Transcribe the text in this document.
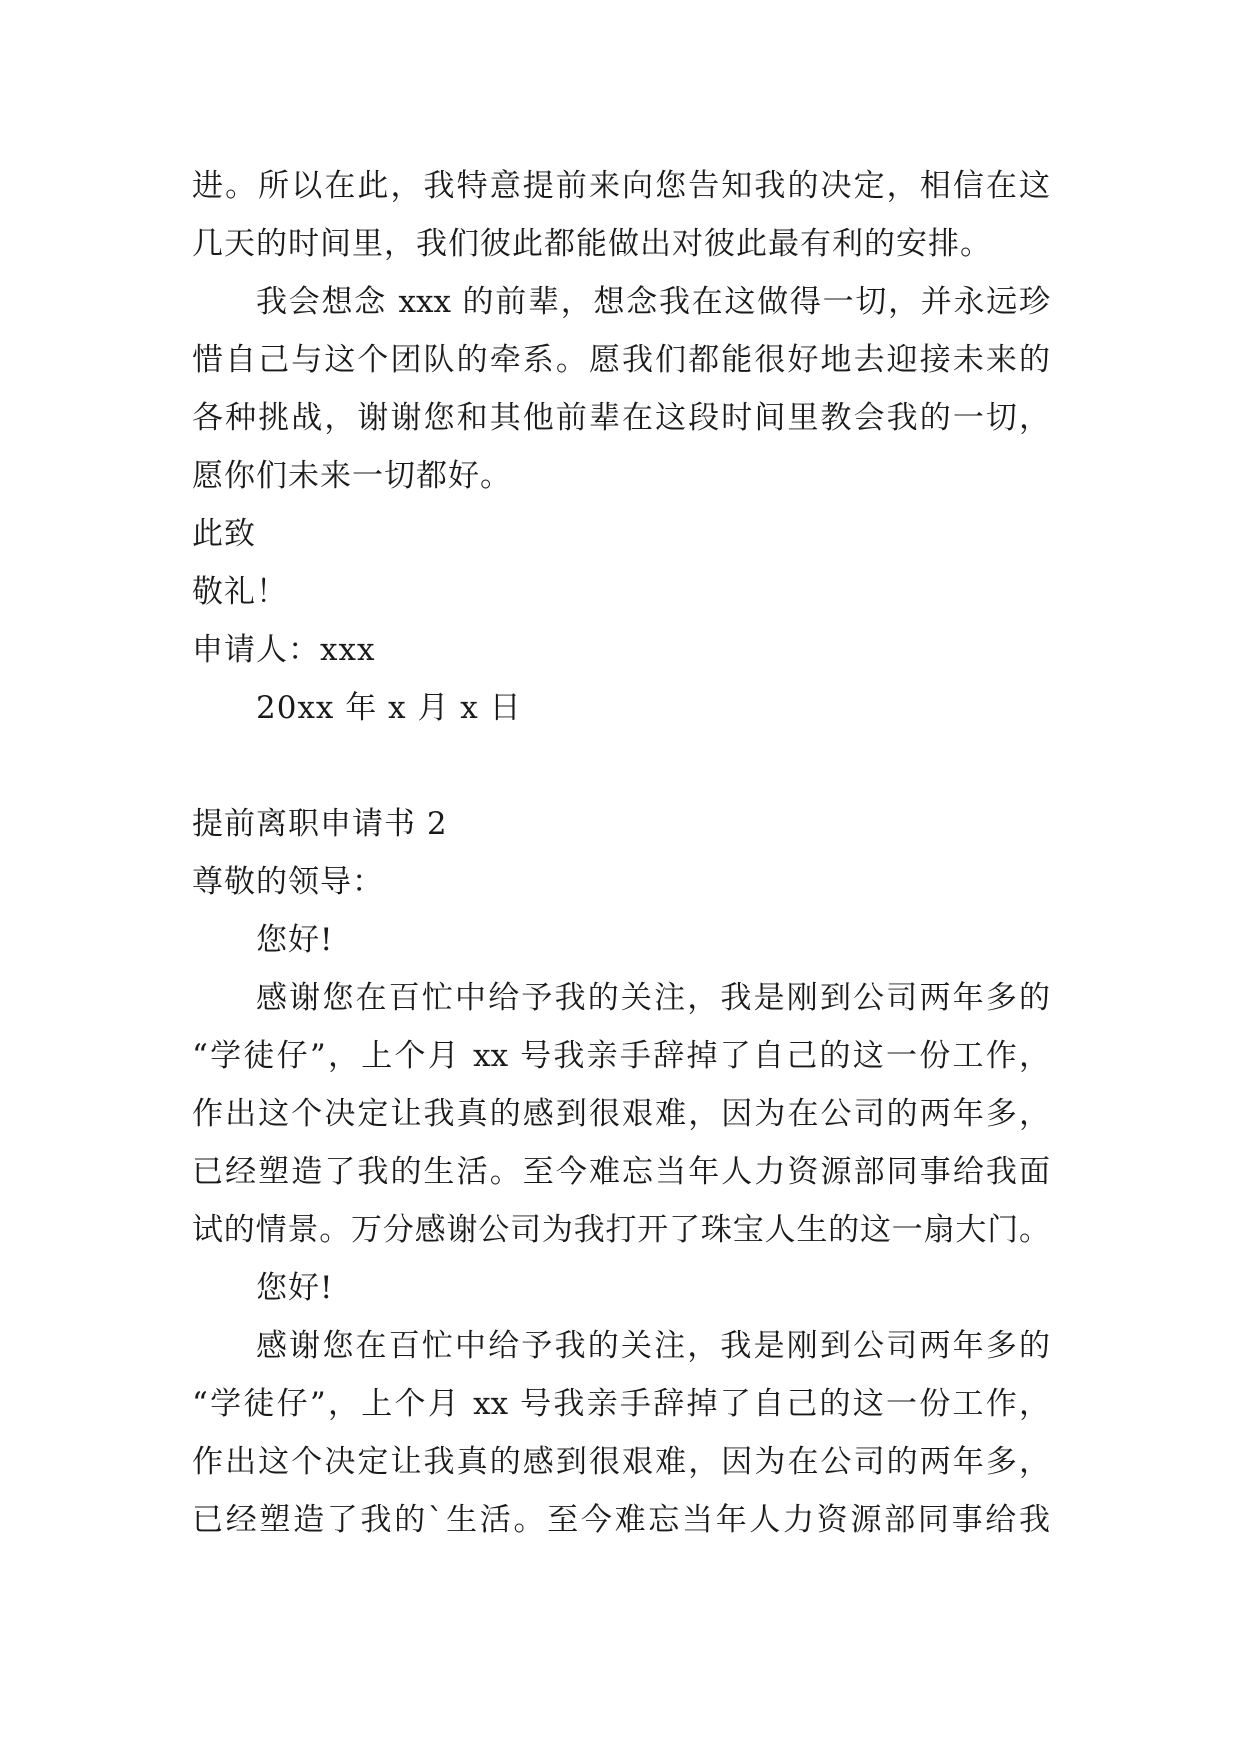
进。所以在此，我特意提前来向您告知我的决定，相信在这
几天的时间里，我们彼此都能做出对彼此最有利的安排。
我会想念 xxx 的前辈，想念我在这做得一切，并永远珍
惜自己与这个团队的牵系。愿我们都能很好地去迎接未来的
各种挑战，谢谢您和其他前辈在这段时间里教会我的一切，
愿你们未来一切都好。
此致
敬礼！
申请人：xxx
20xx 年 x 月 x 日
提前离职申请书 2
尊敬的领导：
您好!
感谢您在百忙中给予我的关注，我是刚到公司两年多的
“学徒仔”，上个月 xx 号我亲手辞掉了自己的这一份工作，
作出这个决定让我真的感到很艰难，因为在公司的两年多，
已经塑造了我的生活。至今难忘当年人力资源部同事给我面
试的情景。万分感谢公司为我打开了珠宝人生的这一扇大门。
您好!
感谢您在百忙中给予我的关注，我是刚到公司两年多的
“学徒仔”，上个月 xx 号我亲手辞掉了自己的这一份工作，
作出这个决定让我真的感到很艰难，因为在公司的两年多，
已经塑造了我的`生活。至今难忘当年人力资源部同事给我
